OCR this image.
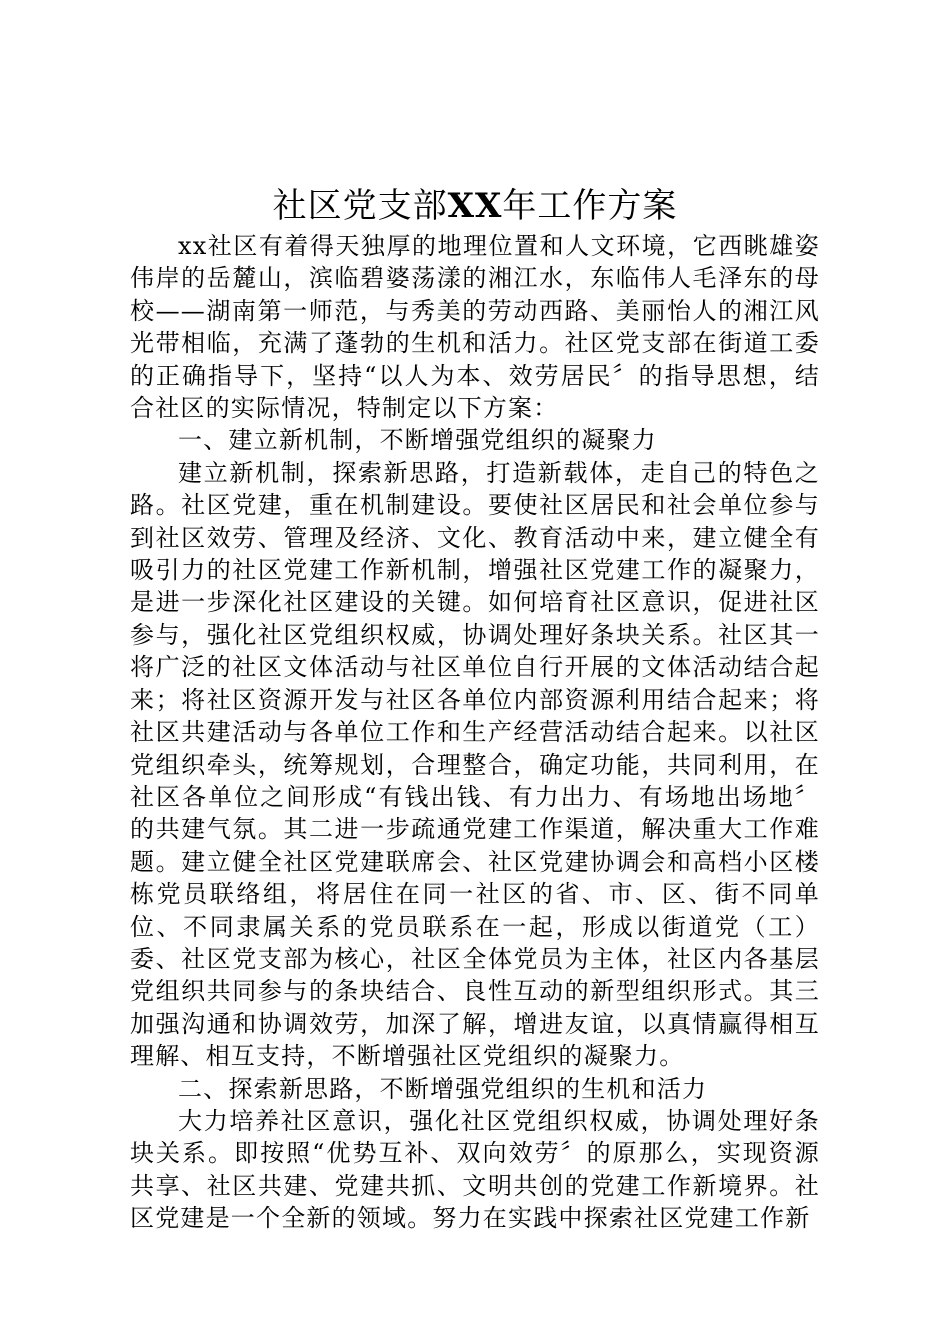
社区党支部XX年工作方案

xx社区有着得天独厚的地理位置和人文环境，它西眺雄姿伟岸的岳麓山，滨临碧婆荡漾的湘江水，东临伟人毛泽东的母校——湖南第一师范，与秀美的劳动西路、美丽怡人的湘江风光带相临，充满了蓬勃的生机和活力。社区党支部在街道工委的正确指导下，坚持“以人为本、效劳居民〞的指导思想，结合社区的实际情况，特制定以下方案：

一、建立新机制，不断增强党组织的凝聚力

建立新机制，探索新思路，打造新载体，走自己的特色之路。社区党建，重在机制建设。要使社区居民和社会单位参与到社区效劳、管理及经济、文化、教育活动中来，建立健全有吸引力的社区党建工作新机制，增强社区党建工作的凝聚力，是进一步深化社区建设的关键。如何培育社区意识，促进社区参与，强化社区党组织权威，协调处理好条块关系。社区其一将广泛的社区文体活动与社区单位自行开展的文体活动结合起来；将社区资源开发与社区各单位内部资源利用结合起来；将社区共建活动与各单位工作和生产经营活动结合起来。以社区党组织牵头，统筹规划，合理整合，确定功能，共同利用，在社区各单位之间形成“有钱出钱、有力出力、有场地出场地〞的共建气氛。其二进一步疏通党建工作渠道，解决重大工作难题。建立健全社区党建联席会、社区党建协调会和高档小区楼栋党员联络组，将居住在同一社区的省、市、区、街不同单位、不同隶属关系的党员联系在一起，形成以街道党（工）委、社区党支部为核心，社区全体党员为主体，社区内各基层党组织共同参与的条块结合、良性互动的新型组织形式。其三加强沟通和协调效劳，加深了解，增进友谊，以真情赢得相互理解、相互支持，不断增强社区党组织的凝聚力。

二、探索新思路，不断增强党组织的生机和活力

大力培养社区意识，强化社区党组织权威，协调处理好条块关系。即按照“优势互补、双向效劳〞的原那么，实现资源共享、社区共建、党建共抓、文明共创的党建工作新境界。社区党建是一个全新的领域。努力在实践中探索社区党建工作新
